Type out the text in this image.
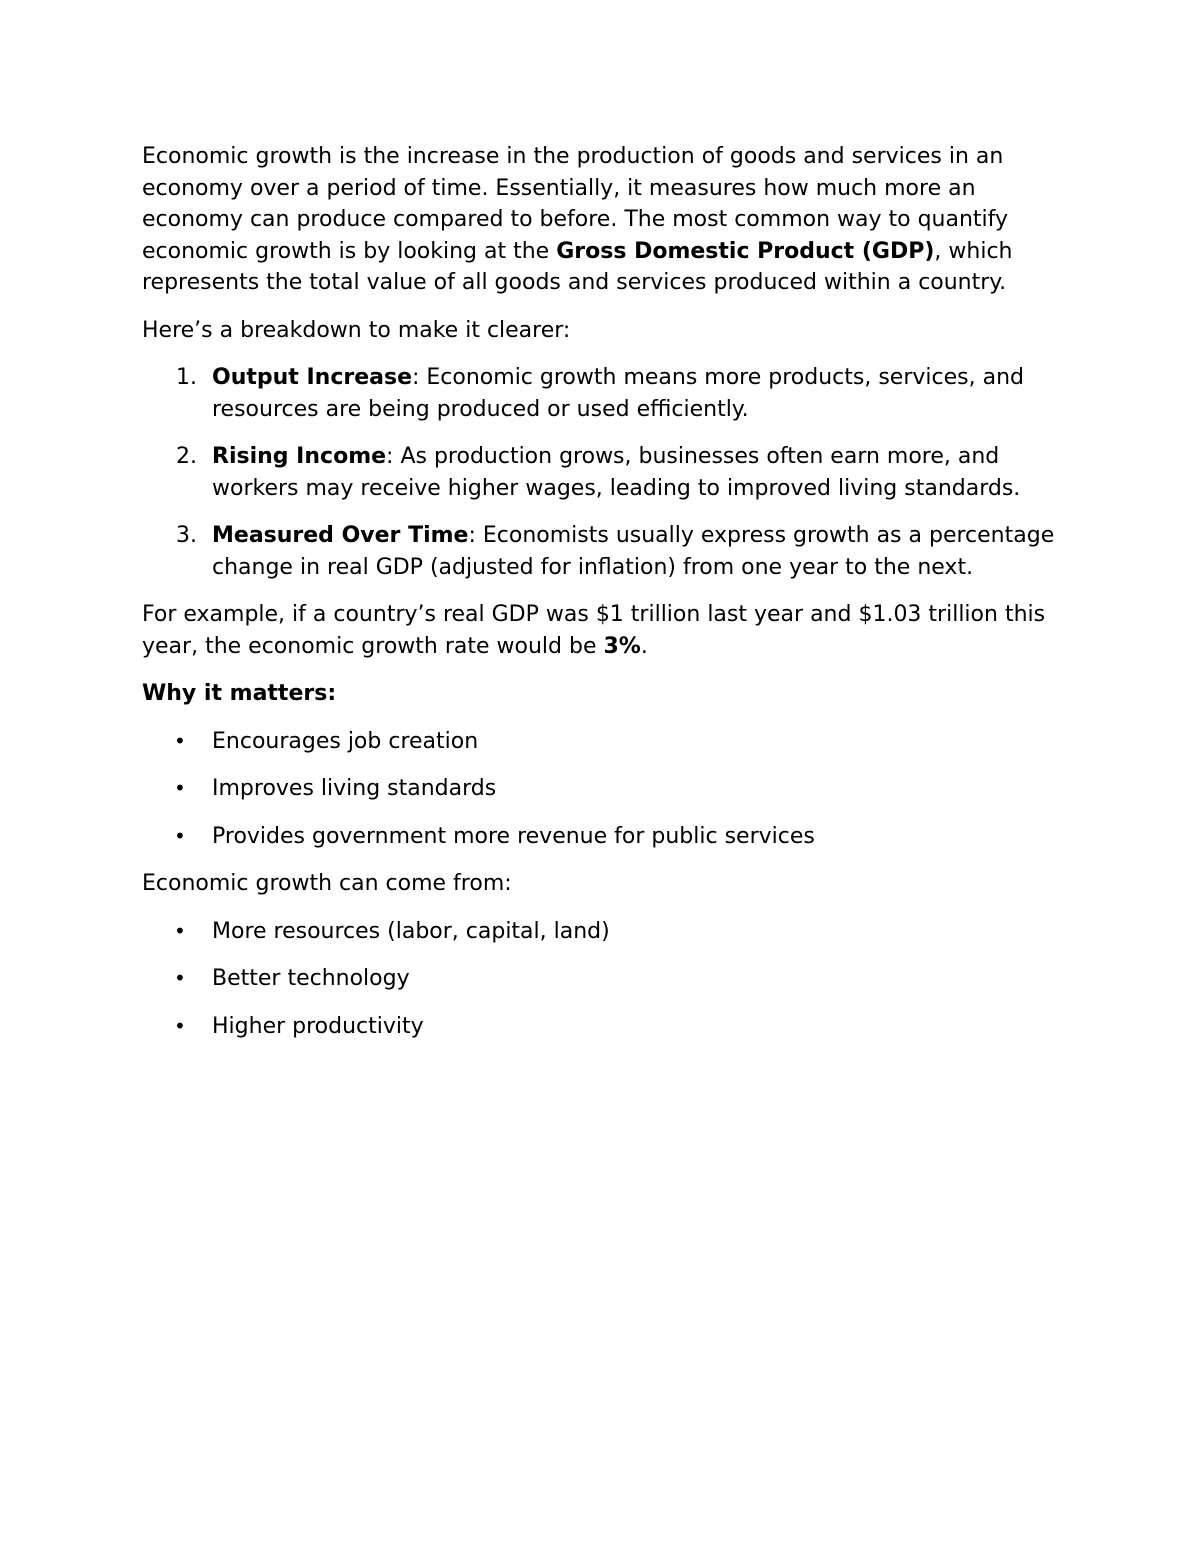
Economic growth is the increase in the production of goods and services in an economy over a period of time. Essentially, it measures how much more an economy can produce compared to before. The most common way to quantify economic growth is by looking at the Gross Domestic Product (GDP), which represents the total value of all goods and services produced within a country.

Here’s a breakdown to make it clearer:

1. Output Increase: Economic growth means more products, services, and resources are being produced or used efficiently.
2. Rising Income: As production grows, businesses often earn more, and workers may receive higher wages, leading to improved living standards.
3. Measured Over Time: Economists usually express growth as a percentage change in real GDP (adjusted for inflation) from one year to the next.

For example, if a country’s real GDP was $1 trillion last year and $1.03 trillion this year, the economic growth rate would be 3%.

Why it matters:

• Encourages job creation
• Improves living standards
• Provides government more revenue for public services

Economic growth can come from:

• More resources (labor, capital, land)
• Better technology
• Higher productivity
